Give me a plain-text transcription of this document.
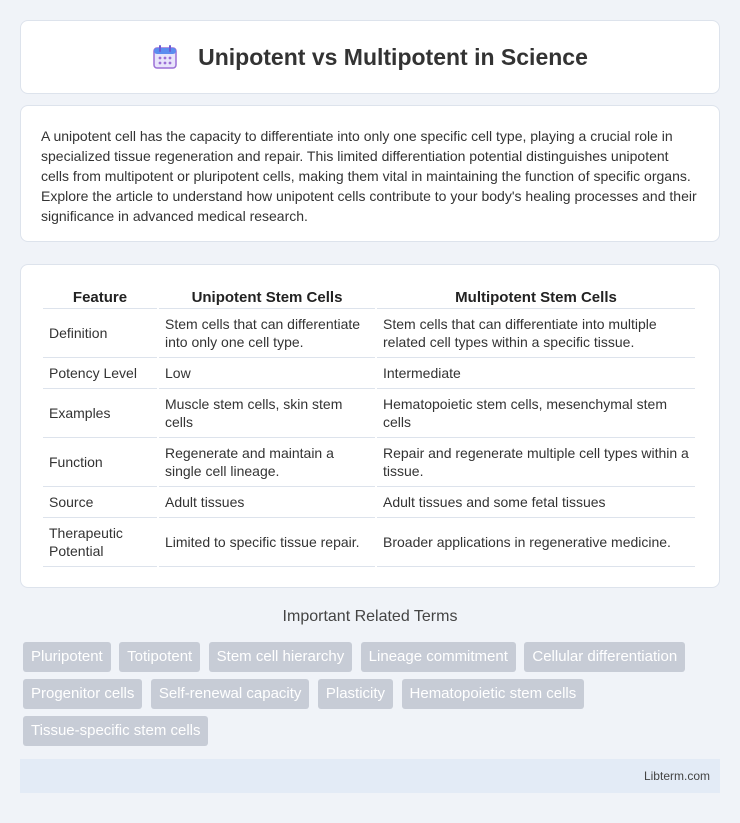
Unipotent vs Multipotent in Science

A unipotent cell has the capacity to differentiate into only one specific cell type, playing a crucial role in specialized tissue regeneration and repair. This limited differentiation potential distinguishes unipotent cells from multipotent or pluripotent cells, making them vital in maintaining the function of specific organs. Explore the article to understand how unipotent cells contribute to your body's healing processes and their significance in advanced medical research.

Feature	Unipotent Stem Cells	Multipotent Stem Cells
Definition	Stem cells that can differentiate into only one cell type.	Stem cells that can differentiate into multiple related cell types within a specific tissue.
Potency Level	Low	Intermediate
Examples	Muscle stem cells, skin stem cells	Hematopoietic stem cells, mesenchymal stem cells
Function	Regenerate and maintain a single cell lineage.	Repair and regenerate multiple cell types within a tissue.
Source	Adult tissues	Adult tissues and some fetal tissues
Therapeutic Potential	Limited to specific tissue repair.	Broader applications in regenerative medicine.
Important Related Terms
Pluripotent Totipotent Stem cell hierarchy Lineage commitment Cellular differentiation Progenitor cells Self-renewal capacity Plasticity Hematopoietic stem cells Tissue-specific stem cells
Libterm.com
